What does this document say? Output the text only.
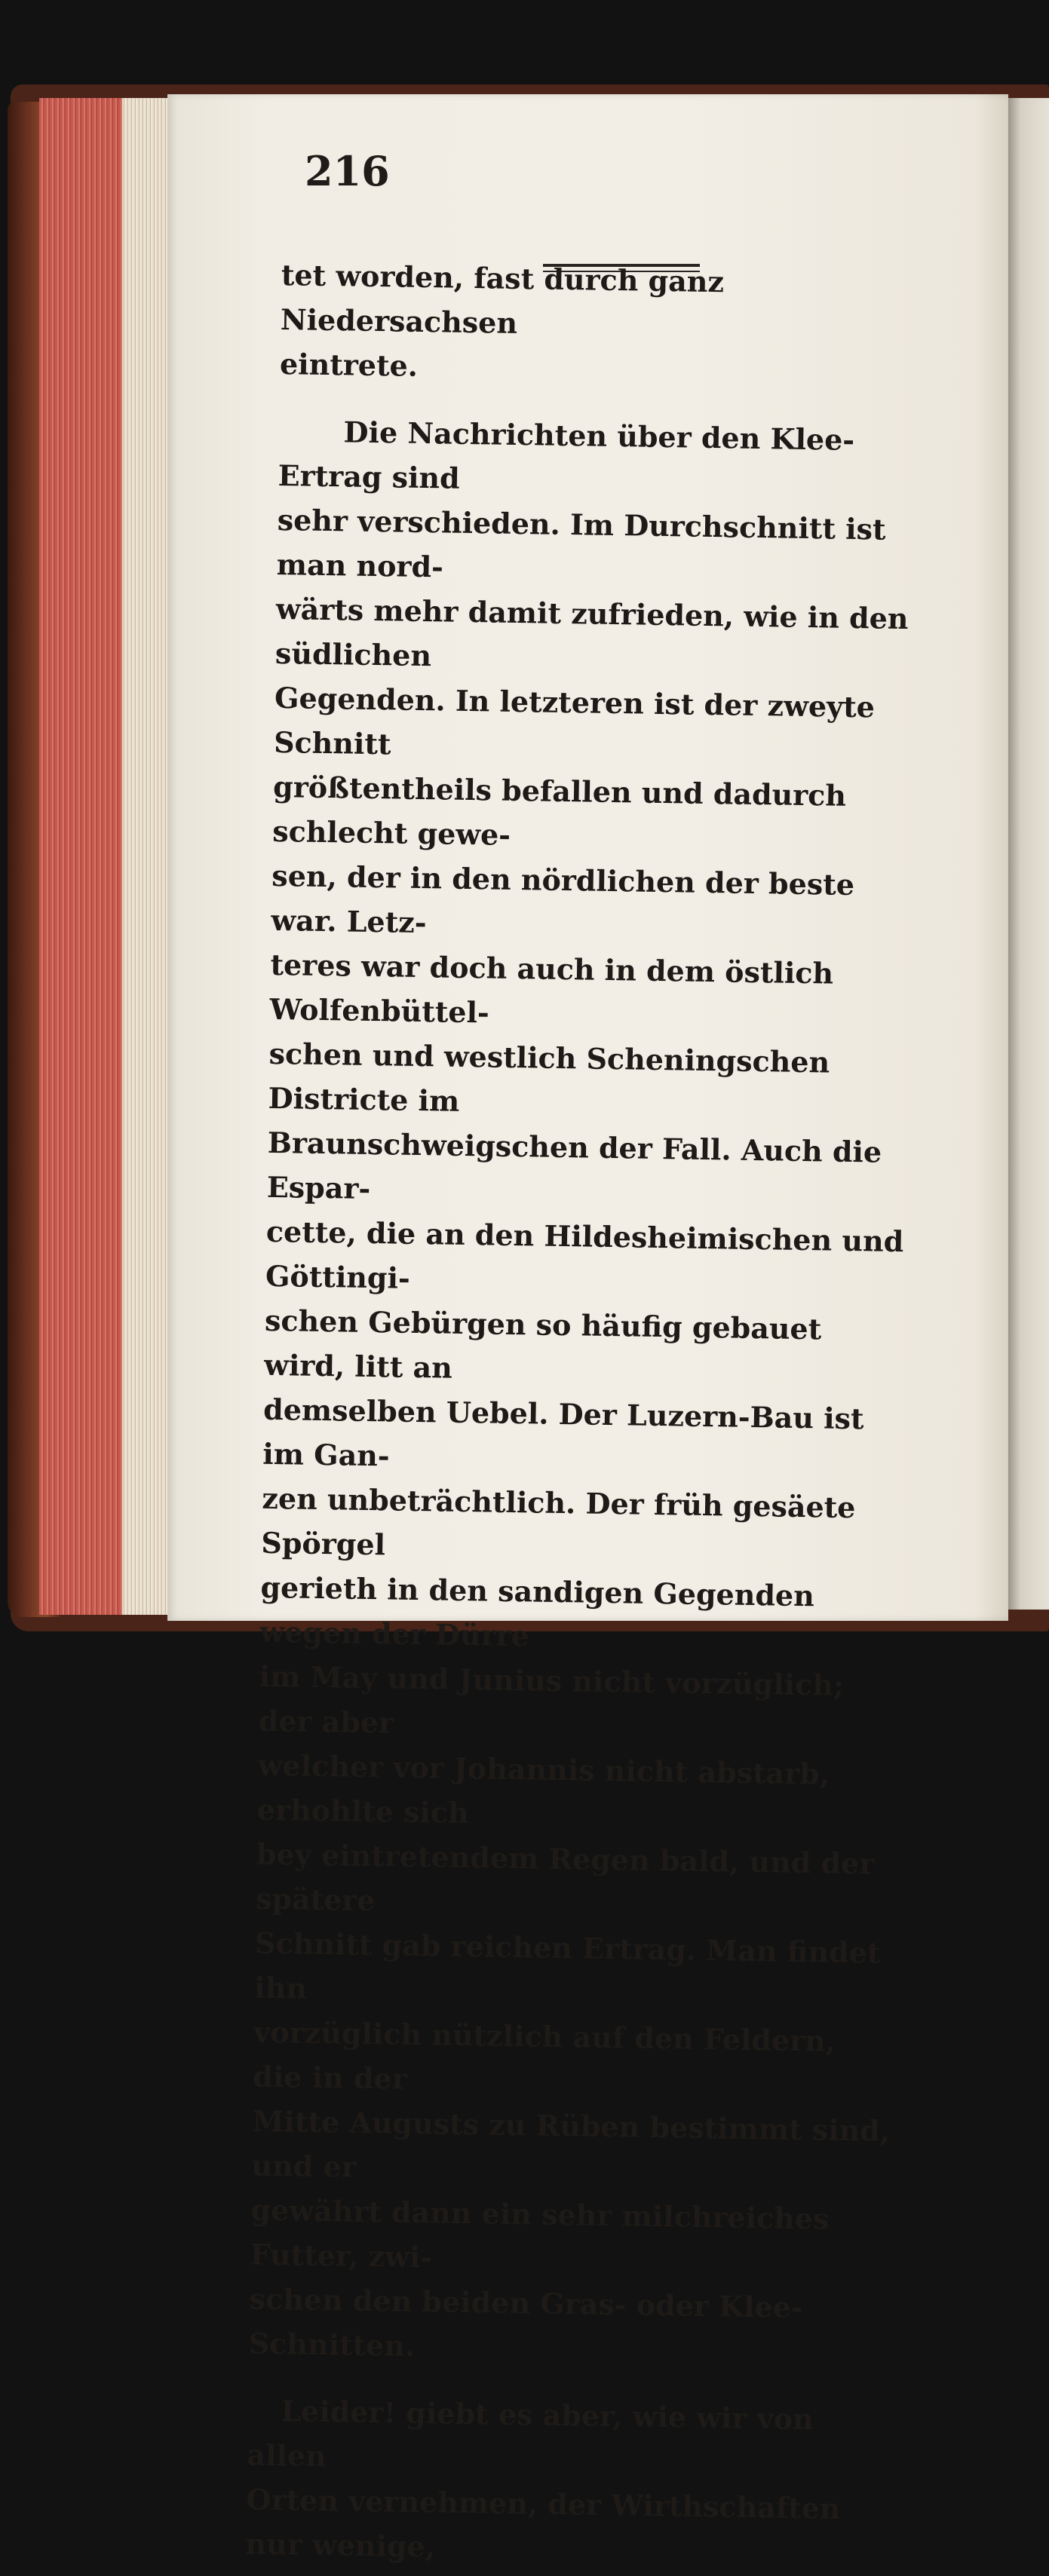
216

tet worden, fast durch ganz Niedersachsen

eintrete.

Die Nachrichten über den Klee-Ertrag sind

sehr verschieden. Im Durchschnitt ist man nord-

wärts mehr damit zufrieden, wie in den südlichen

Gegenden. In letzteren ist der zweyte Schnitt

größtentheils befallen und dadurch schlecht gewe-

sen, der in den nördlichen der beste war. Letz-

teres war doch auch in dem östlich Wolfenbüttel-

schen und westlich Scheningschen Districte im

Braunschweigschen der Fall. Auch die Espar-

cette, die an den Hildesheimischen und Göttingi-

schen Gebürgen so häufig gebauet wird, litt an

demselben Uebel. Der Luzern-Bau ist im Gan-

zen unbeträchtlich. Der früh gesäete Spörgel

gerieth in den sandigen Gegenden wegen der Dürre

im May und Junius nicht vorzüglich; der aber

welcher vor Johannis nicht abstarb, erhohlte sich

bey eintretendem Regen bald, und der spätere

Schnitt gab reichen Ertrag. Man findet ihn

vorzüglich nützlich auf den Feldern, die in der

Mitte Augusts zu Rüben bestimmt sind, und er

gewährt dann ein sehr milchreiches Futter, zwi-

schen den beiden Gras- oder Klee-Schnitten.

Leider! giebt es aber, wie wir von allen

Orten vernehmen, der Wirthschaften nur wenige,
